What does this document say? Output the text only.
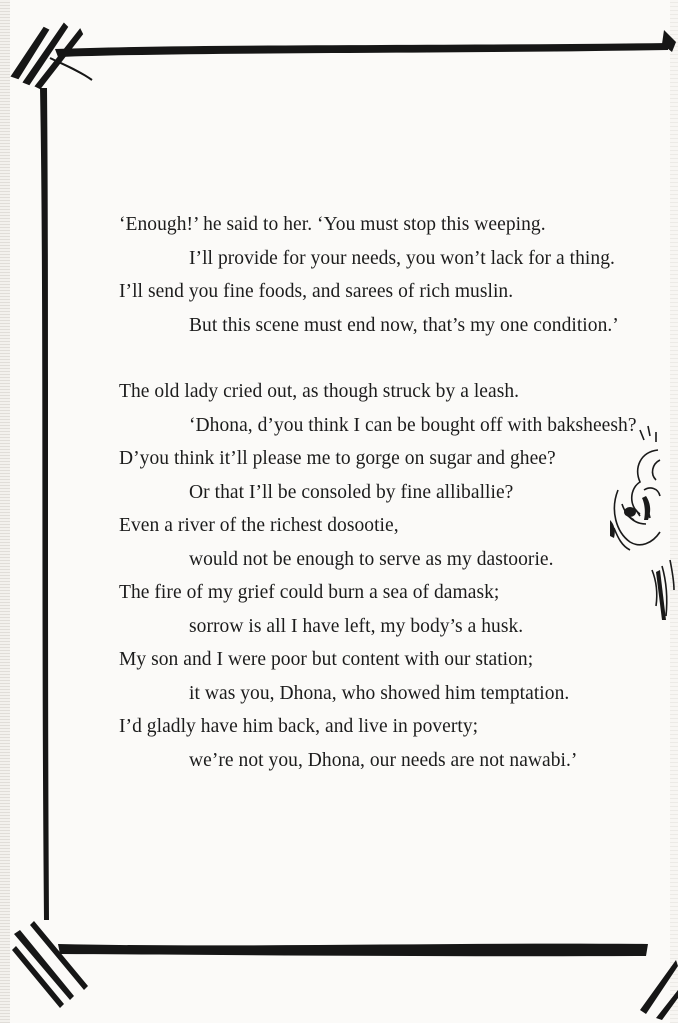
‘Enough!’ he said to her. ‘You must stop this weeping.
I’ll provide for your needs, you won’t lack for a thing.
I’ll send you fine foods, and sarees of rich muslin.
But this scene must end now, that’s my one condition.’
The old lady cried out, as though struck by a leash.
‘Dhona, d’you think I can be bought off with baksheesh?
D’you think it’ll please me to gorge on sugar and ghee?
Or that I’ll be consoled by fine alliballie?
Even a river of the richest dosootie,
would not be enough to serve as my dastoorie.
The fire of my grief could burn a sea of damask;
sorrow is all I have left, my body’s a husk.
My son and I were poor but content with our station;
it was you, Dhona, who showed him temptation.
I’d gladly have him back, and live in poverty;
we’re not you, Dhona, our needs are not nawabi.’
